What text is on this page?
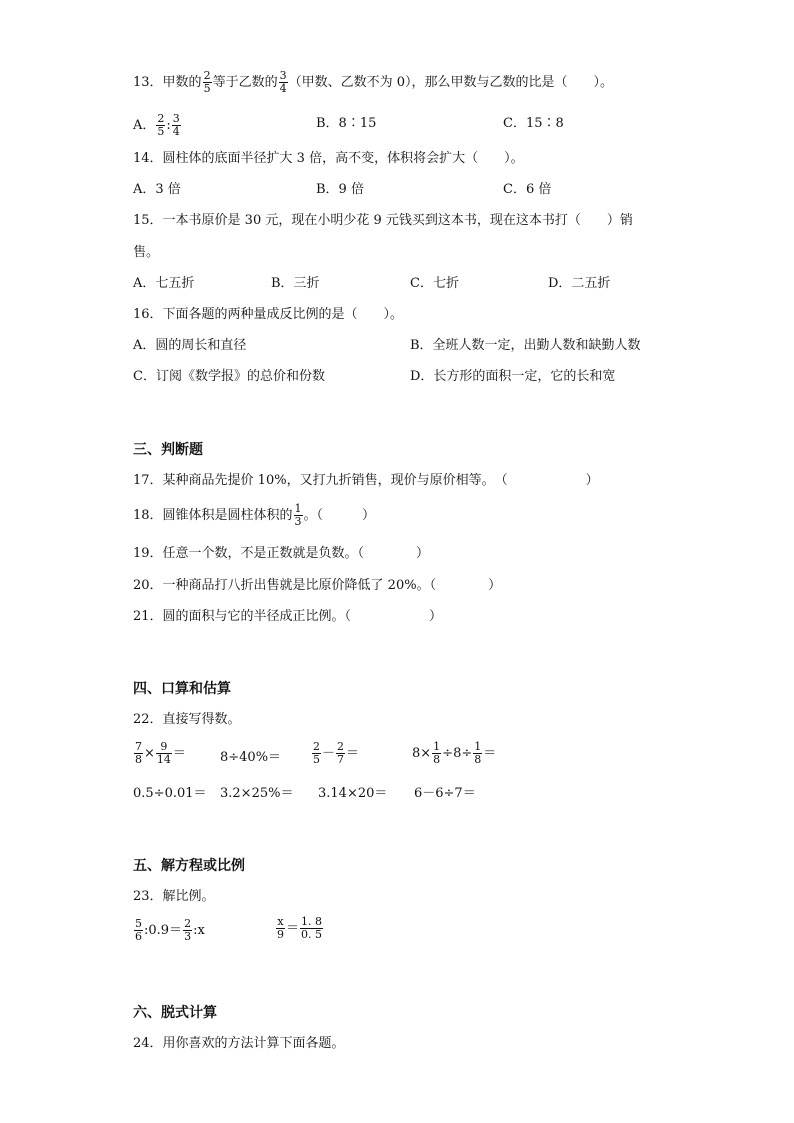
13．甲数的 $\frac{2}{5}$ 等于乙数的 $\frac{3}{4}$ （甲数、乙数不为 0），那么甲数与乙数的比是（　　）。
A． $\frac{2}{5}$ : $\frac{3}{4}$	B．8∶15	C．15∶8
14．圆柱体的底面半径扩大 3 倍，高不变，体积将会扩大（　　）。
A．3 倍	B．9 倍	C．6 倍
15．一本书原价是 30 元，现在小明少花 9 元钱买到这本书，现在这本书打（　　）销
售。
A．七五折	B．三折	C．七折	D．二五折
16．下面各题的两种量成反比例的是（　　）。
A．圆的周长和直径	B．全班人数一定，出勤人数和缺勤人数
C．订阅《数学报》的总价和份数	D．长方形的面积一定，它的长和宽
三、判断题
17．某种商品先提价 10%，又打九折销售，现价与原价相等。　（　　　　　　）
18．圆锥体积是圆柱体积的 $\frac{1}{3}$ 。（　　　）
19．任意一个数，不是正数就是负数。（　　　　）
20．一种商品打八折出售就是比原价降低了 20%。（　　　　）
21．圆的面积与它的半径成正比例。（　　　　　　）
四、口算和估算
22．直接写得数。
$\frac{7}{8} \times \frac{9}{14}$ ＝	8÷40%＝	$\frac{2}{5} - \frac{2}{7}$ ＝	$8\times \frac{1}{8} \div 8\div \frac{1}{8}$ ＝
0.5÷0.01＝ 3.2×25%＝ 3.14×20＝ 6－6÷7＝
五、解方程或比例
23．解比例。
$\frac{5}{6}$ :0.9＝ $\frac{2}{3}$ :x	$\frac{x}{9} = \frac{1. 8}{0. 5}$
六、脱式计算
24．用你喜欢的方法计算下面各题。
